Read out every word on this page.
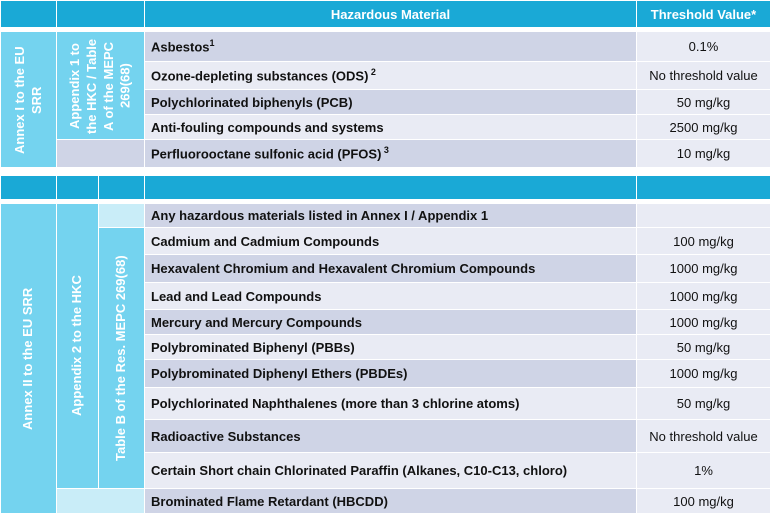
			Hazardous Material	Threshold Value*

Annex I to the EU SRR	Appendix 1 to the HKC / Table A of the MEPC 269(68)		Asbestos$^1$	0.1%
			Ozone-depleting substances (ODS) $^2$	No threshold value
			Polychlorinated biphenyls (PCB)	50 mg/kg
			Anti-fouling compounds and systems	2500 mg/kg
			Perfluorooctane sulfonic acid (PFOS) $^3$	10 mg/kg

Annex II to the EU SRR	Appendix 2 to the HKC		Any hazardous materials listed in Annex I / Appendix 1	

		Table B of the Res. MEPC 269(68)	Cadmium and Cadmium Compounds	100 mg/kg
			Hexavalent Chromium and Hexavalent Chromium Compounds	1000 mg/kg
			Lead and Lead Compounds	1000 mg/kg
			Mercury and Mercury Compounds	1000 mg/kg
			Polybrominated Biphenyl (PBBs)	50 mg/kg
			Polybrominated Diphenyl Ethers (PBDEs)	1000 mg/kg
			Polychlorinated Naphthalenes (more than 3 chlorine atoms)	50 mg/kg
			Radioactive Substances	No threshold value
			Certain Short chain Chlorinated Paraffin (Alkanes, C10-C13, chloro)	1%
			Brominated Flame Retardant (HBCDD)	100 mg/kg
